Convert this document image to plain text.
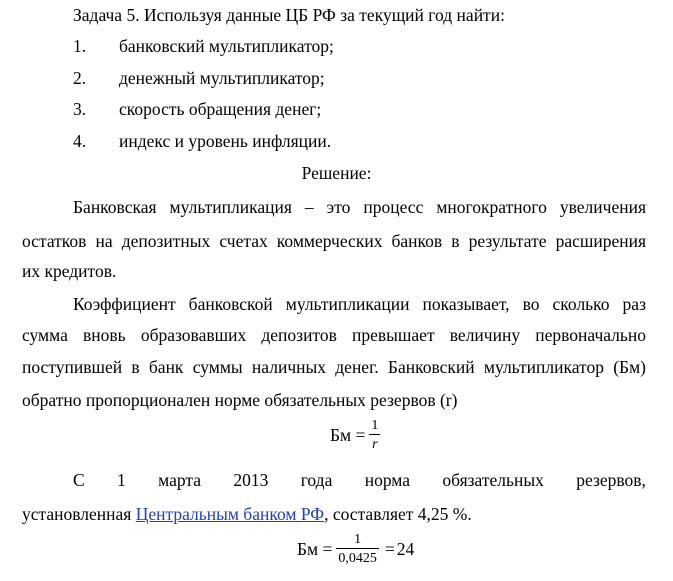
Задача 5. Используя данные ЦБ РФ за текущий год найти:
1. банковский мультипликатор;
2. денежный мультипликатор;
3. скорость обращения денег;
4. индекс и уровень инфляции.
Решение:
Банковская мультипликация – это процесс многократного увеличения
остатков на депозитных счетах коммерческих банков в результате расширения
их кредитов.
Коэффициент банковской мультипликации показывает, во сколько раз
сумма вновь образовавших депозитов превышает величину первоначально
поступившей в банк суммы наличных денег. Банковский мультипликатор (Бм)
обратно пропорционален норме обязательных резервов (r)
Бм = $\frac{1}{r}$
С 1 марта 2013 года норма обязательных резервов,
установленная Центральным банком РФ, составляет 4,25 %.
Бм = $\frac{1}{0,0425} = 24$
